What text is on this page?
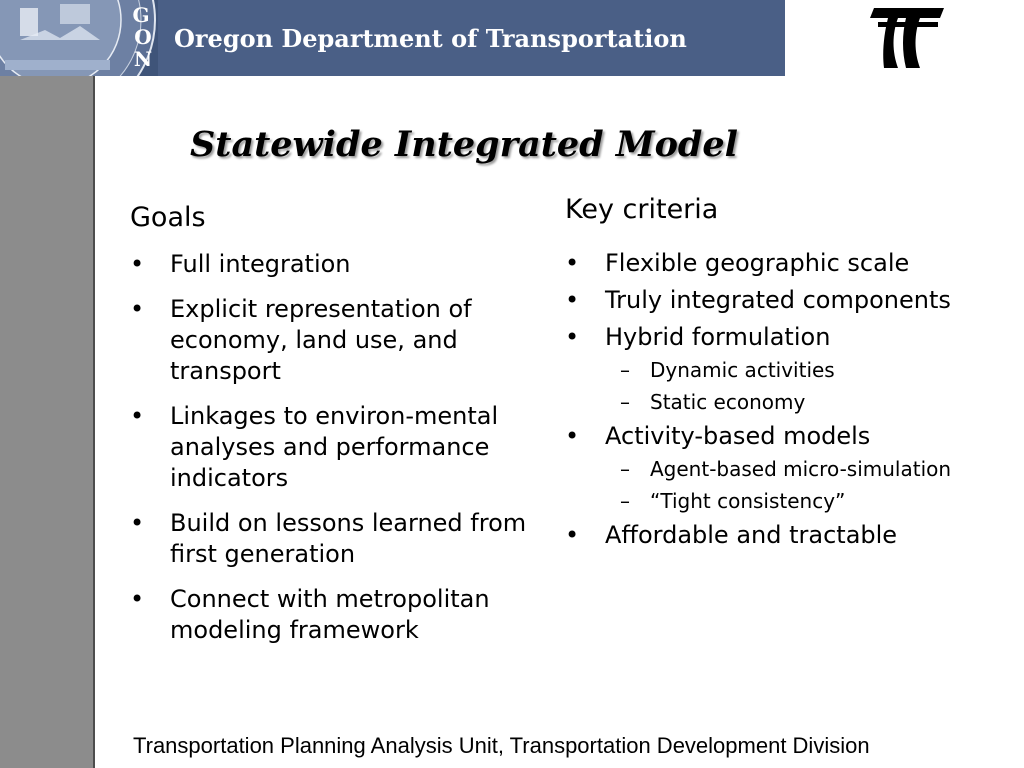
G
O
N
Oregon Department of Transportation
Statewide Integrated Model
Goals
• Full integration
• Explicit representation of economy, land use, and transport
• Linkages to environ-mental analyses and performance indicators
• Build on lessons learned from first generation
• Connect with metropolitan modeling framework
Key criteria
• Flexible geographic scale
• Truly integrated components
• Hybrid formulation
– Dynamic activities
– Static economy
• Activity-based models
– Agent-based micro-simulation
– “Tight consistency”
• Affordable and tractable
Transportation Planning Analysis Unit, Transportation Development Division
